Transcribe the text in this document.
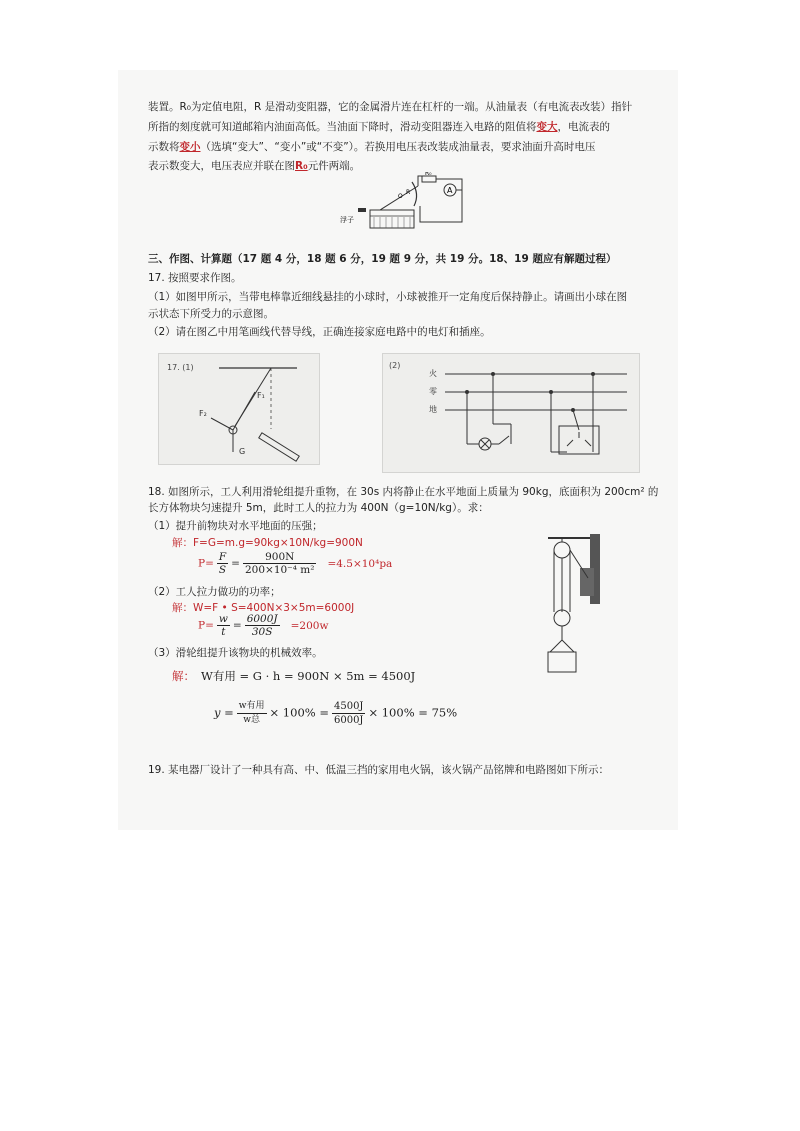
装置。R₀为定值电阻，R 是滑动变阻器，它的金属滑片连在杠杆的一端。从油量表（有电流表改装）指针
所指的刻度就可知道邮箱内油面高低。当油面下降时，滑动变阻器连入电路的阻值将变大，电流表的
示数将变小（选填“变大”、“变小”或“不变”）。若换用电压表改装成油量表，要求油面升高时电压
表示数变大，电压表应并联在图R₀元件两端。
A
R₀
R
O
浮子
三、作图、计算题（17 题 4 分，18 题 6 分，19 题 9 分，共 19 分。18、19 题应有解题过程）
17. 按照要求作图。
（1）如图甲所示，当带电棒靠近细线悬挂的小球时，小球被推开一定角度后保持静止。请画出小球在图
示状态下所受力的示意图。
（2）请在图乙中用笔画线代替导线，正确连接家庭电路中的电灯和插座。
17. (1)
F₁
F₂
G
(2)
火
零
地
18. 如图所示，工人利用滑轮组提升重物，在 30s 内将静止在水平地面上质量为 90kg，底面积为 200cm² 的
长方体物块匀速提升 5m，此时工人的拉力为 400N（g=10N/kg）。求：
（1）提升前物块对水平地面的压强；
解：F=G=m.g=90kg×10N/kg=900N
$P= \frac{F}{S} = \frac{900N}{\text{200×10⁻⁴ m²}} =4.5\times 10^4pa$
（2）工人拉力做功的功率；
解：W=F • S=400N×3×5m=6000J
$P= \frac{w}{t} = \frac{6000J}{30S} =200w$
（3）滑轮组提升该物块的机械效率。
解： W有用 = G · h = 900N × 5m = 4500J
$y = \frac{\text{w有用}}{\text{w总}} \times 100\% = \frac{4500J}{6000J} \times 100\% = 75\%$
19. 某电器厂设计了一种具有高、中、低温三挡的家用电火锅，该火锅产品铭牌和电路图如下所示：
